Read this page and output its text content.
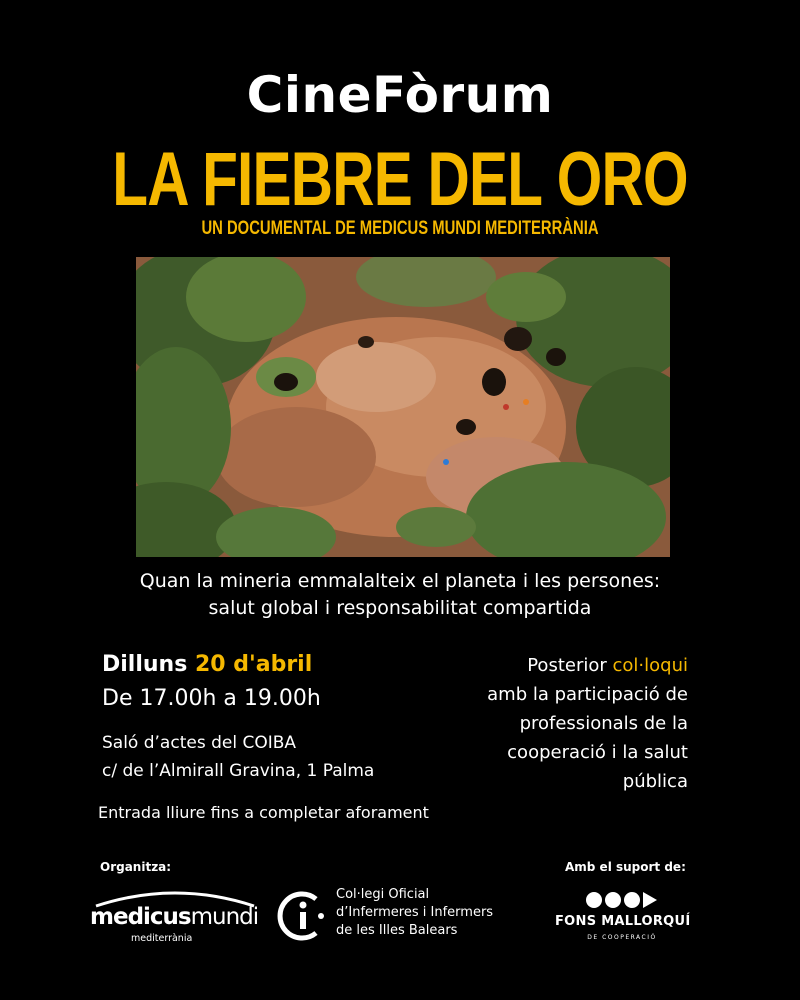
CineFòrum
LA FIEBRE DEL ORO
UN DOCUMENTAL DE MEDICUS MUNDI MEDITERRÀNIA
Quan la mineria emmalalteix el planeta i les persones:
salut global i responsabilitat compartida
Dilluns 20 d'abril
De 17.00h a 19.00h
Saló d’actes del COIBA
c/ de l’Almirall Gravina, 1 Palma
Entrada lliure fins a completar aforament
Posterior col·loqui
amb la participació de
professionals de la
cooperació i la salut
pública
Organitza:	Amb el suport de:
medicusmundi
mediterrània
Col·legi Oficial
d’Infermeres i Infermers
de les Illes Balears
FONS MALLORQUÍ
DE COOPERACIÓ
